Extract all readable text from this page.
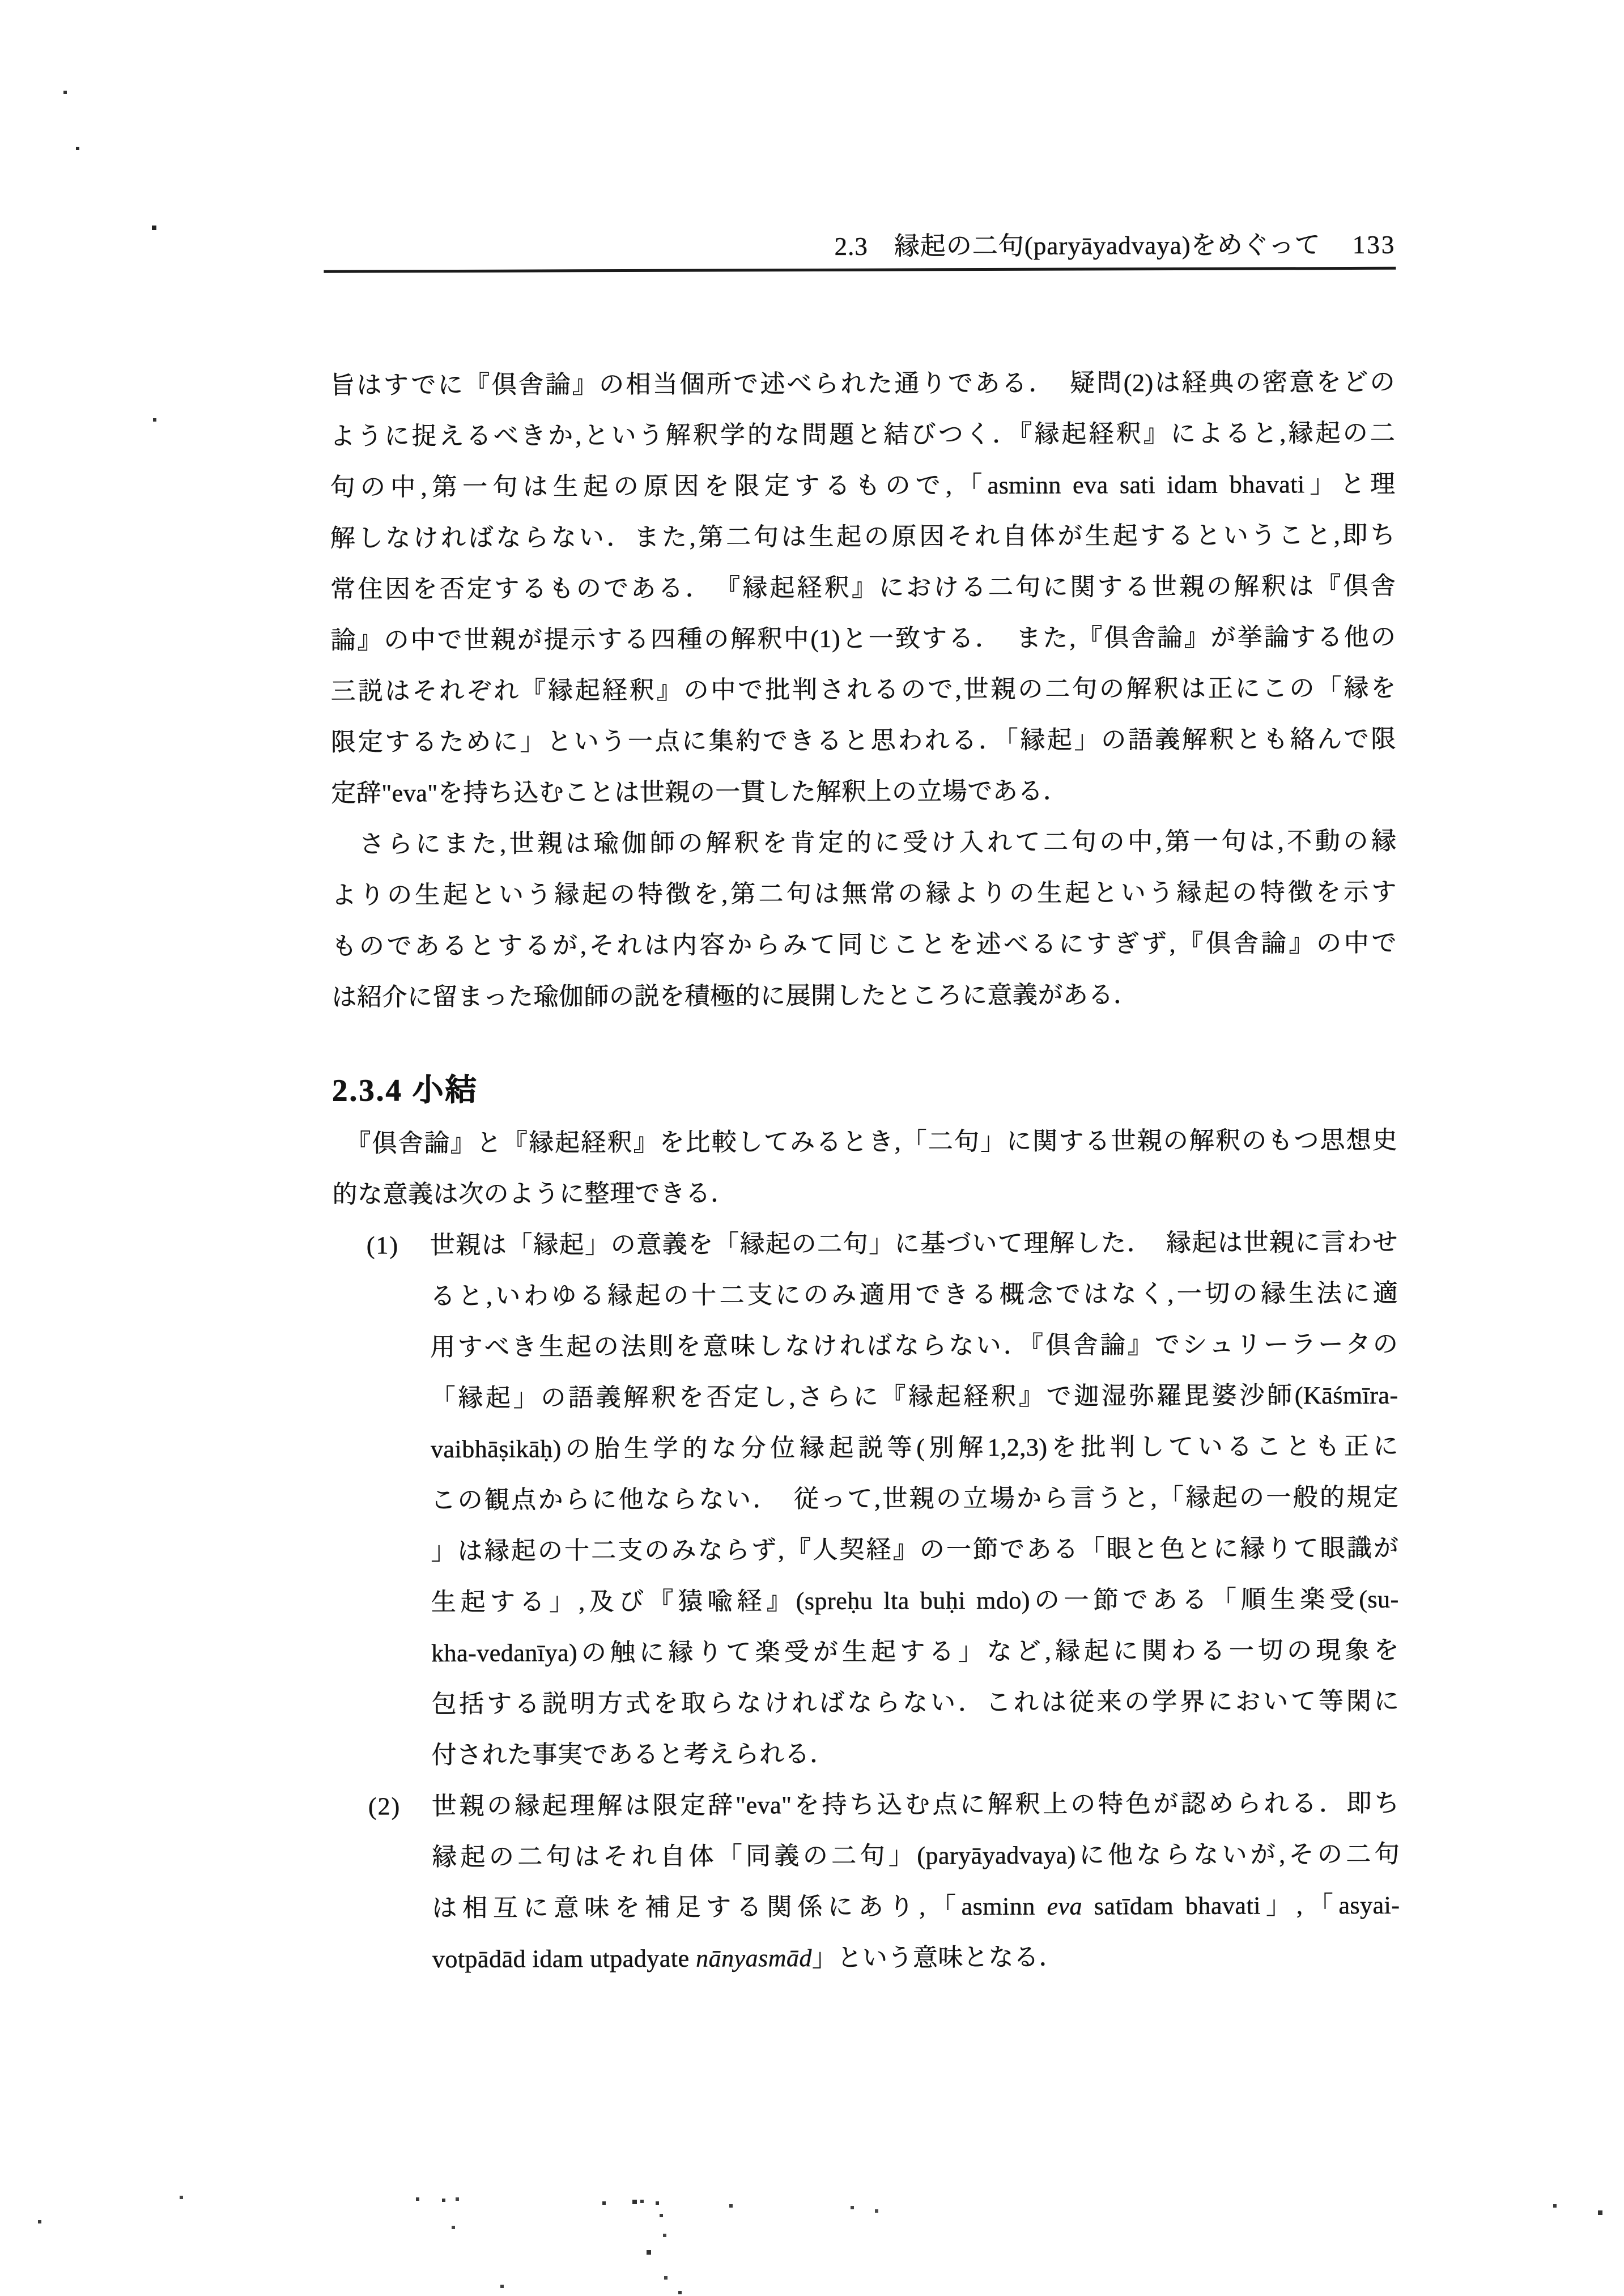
2.3　縁起の二句(paryāyadvaya)をめぐって 133
旨はすでに『倶舎論』の相当個所で述べられた通りである．　疑問(2)は経典の密意をどの
ように捉えるべきか,という解釈学的な問題と結びつく．『縁起経釈』によると,縁起の二
句の中,第一句は生起の原因を限定するもので,「asminn eva sati idam bhavati」と理
解しなければならない．また,第二句は生起の原因それ自体が生起するということ,即ち
常住因を否定するものである．　『縁起経釈』における二句に関する世親の解釈は『倶舎
論』の中で世親が提示する四種の解釈中(1)と一致する．　また,『倶舎論』が挙論する他の
三説はそれぞれ『縁起経釈』の中で批判されるので,世親の二句の解釈は正にこの「縁を
限定するために」という一点に集約できると思われる．「縁起」の語義解釈とも絡んで限
定辞"eva"を持ち込むことは世親の一貫した解釈上の立場である．
　さらにまた,世親は瑜伽師の解釈を肯定的に受け入れて二句の中,第一句は,不動の縁
よりの生起という縁起の特徴を,第二句は無常の縁よりの生起という縁起の特徴を示す
ものであるとするが,それは内容からみて同じことを述べるにすぎず,『倶舎論』の中で
は紹介に留まった瑜伽師の説を積極的に展開したところに意義がある．
2.3.4 小結
　『倶舎論』と『縁起経釈』を比較してみるとき,「二句」に関する世親の解釈のもつ思想史
的な意義は次のように整理できる．
(1) 世親は「縁起」の意義を「縁起の二句」に基づいて理解した．　縁起は世親に言わせ
ると,いわゆる縁起の十二支にのみ適用できる概念ではなく,一切の縁生法に適
用すべき生起の法則を意味しなければならない．『倶舎論』でシュリーラータの
「縁起」の語義解釈を否定し,さらに『縁起経釈』で迦湿弥羅毘婆沙師(Kāśmīra-
vaibhāṣikāḥ)の胎生学的な分位縁起説等(別解1,2,3)を批判していることも正に
この観点からに他ならない．　従って,世親の立場から言うと,「縁起の一般的規定
」は縁起の十二支のみならず,『人契経』の一節である「眼と色とに縁りて眼識が
生起する」,及び『猿喩経』(spreḥu lta buḥi mdo)の一節である「順生楽受(su-
kha-vedanīya)の触に縁りて楽受が生起する」など,縁起に関わる一切の現象を
包括する説明方式を取らなければならない．これは従来の学界において等閑に
付された事実であると考えられる．
(2) 世親の縁起理解は限定辞"eva"を持ち込む点に解釈上の特色が認められる．即ち
縁起の二句はそれ自体「同義の二句」(paryāyadvaya)に他ならないが,その二句
は相互に意味を補足する関係にあり,「asminn eva satīdam bhavati」,「asyai-
votpādād idam utpadyate nānyasmād」という意味となる．
